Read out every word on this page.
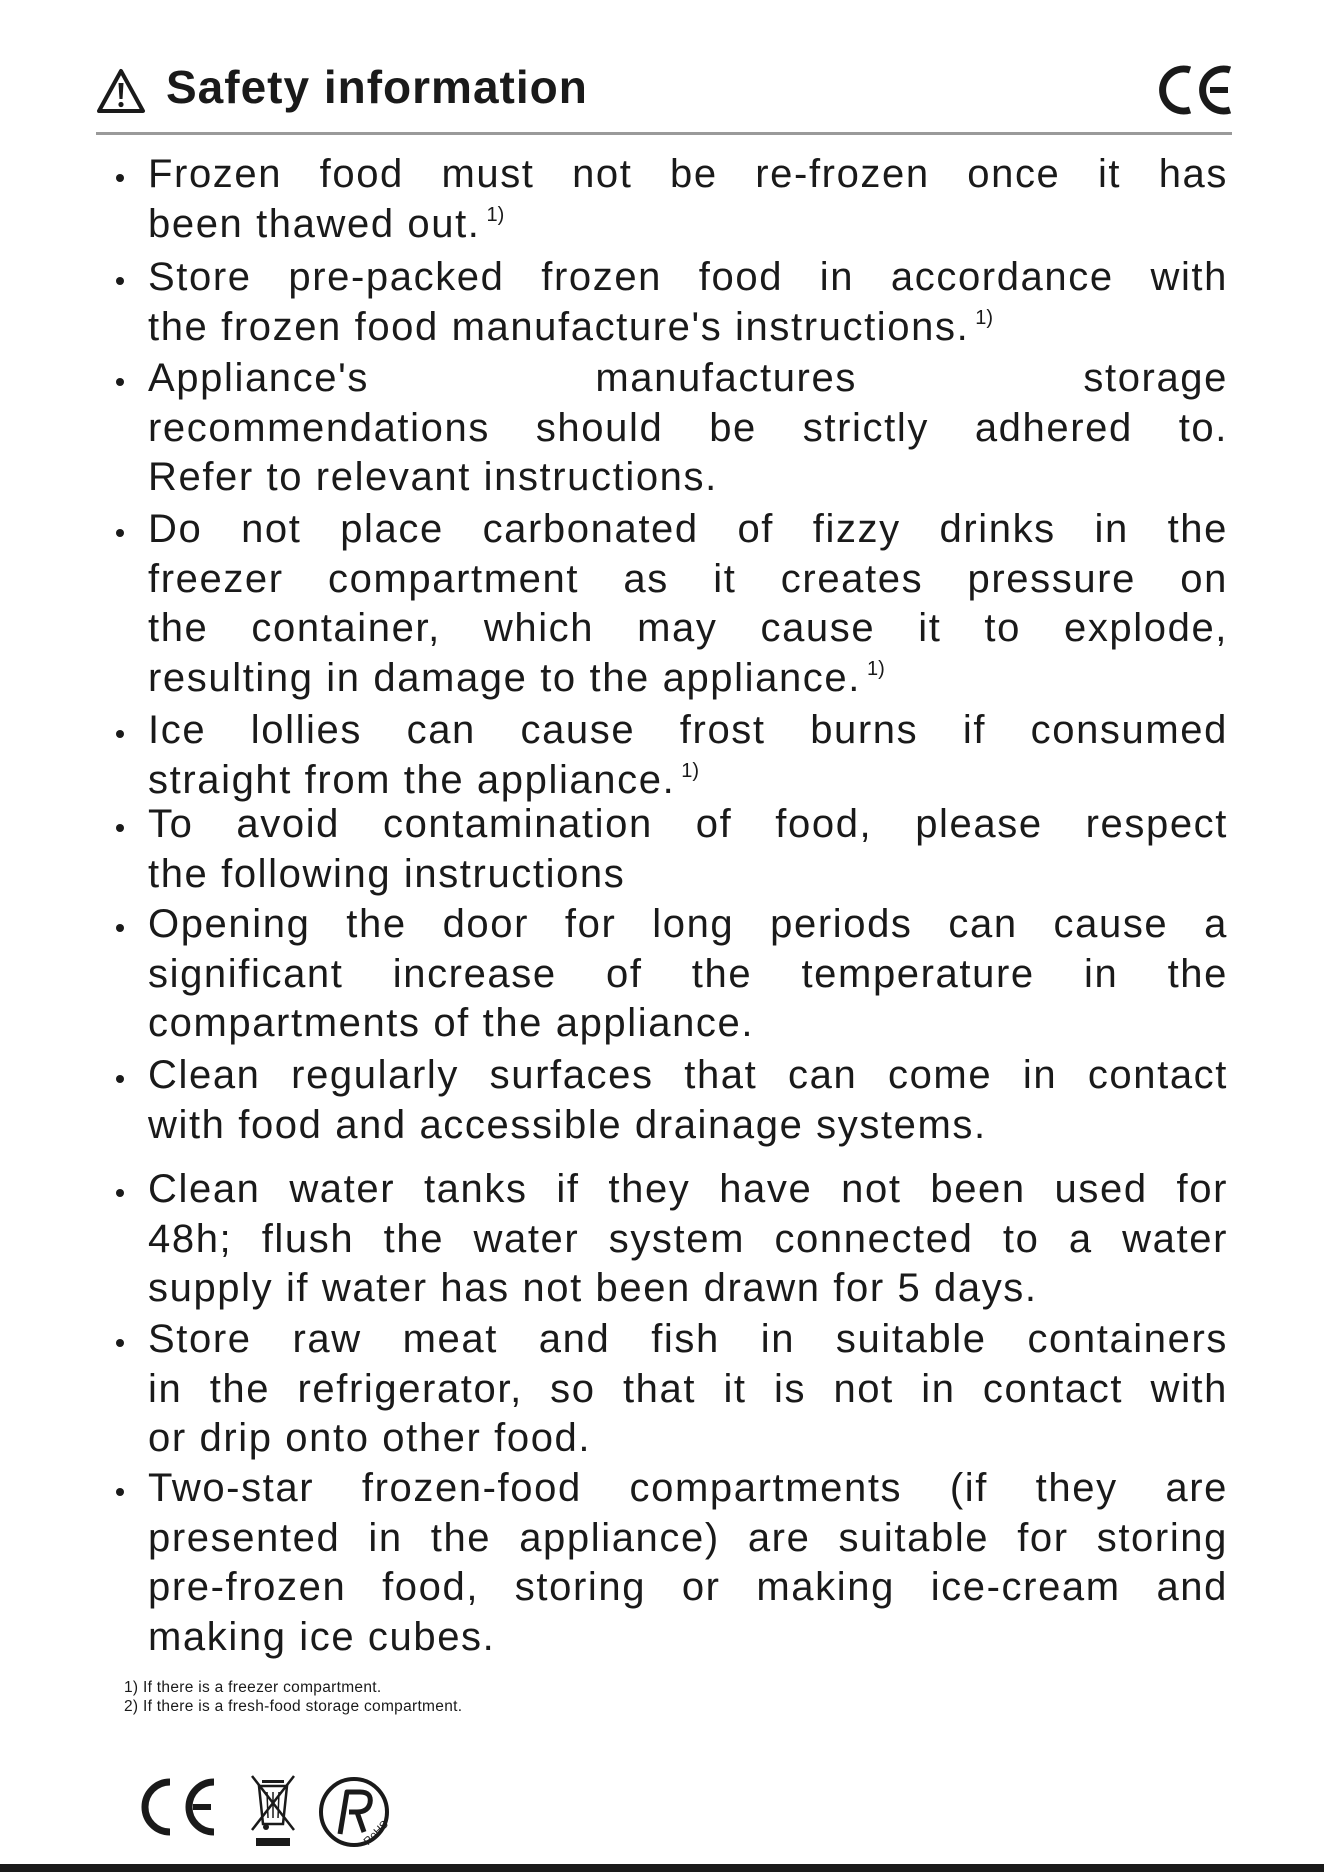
Safety information
Frozen food must not be re-frozen once it has
been thawed out. $^{1)}$
Store pre-packed frozen food in accordance with
the frozen food manufacture's instructions. $^{1)}$
Appliance's manufactures storage
recommendations should be strictly adhered to.
Refer to relevant instructions.
Do not place carbonated of fizzy drinks in the
freezer compartment as it creates pressure on
the container, which may cause it to explode,
resulting in damage to the appliance. $^{1)}$
Ice lollies can cause frost burns if consumed
straight from the appliance. $^{1)}$
To avoid contamination of food, please respect
the following instructions
Opening the door for long periods can cause a
significant increase of the temperature in the
compartments of the appliance.
Clean regularly surfaces that can come in contact
with food and accessible drainage systems.
Clean water tanks if they have not been used for
48h; flush the water system connected to a water
supply if water has not been drawn for 5 days.
Store raw meat and fish in suitable containers
in the refrigerator, so that it is not in contact with
or drip onto other food.
Two-star frozen-food compartments (if they are
presented in the appliance) are suitable for storing
pre-frozen food, storing or making ice-cream and
making ice cubes.
1) If there is a freezer compartment.
2) If there is a fresh-food storage compartment.
RoHS
